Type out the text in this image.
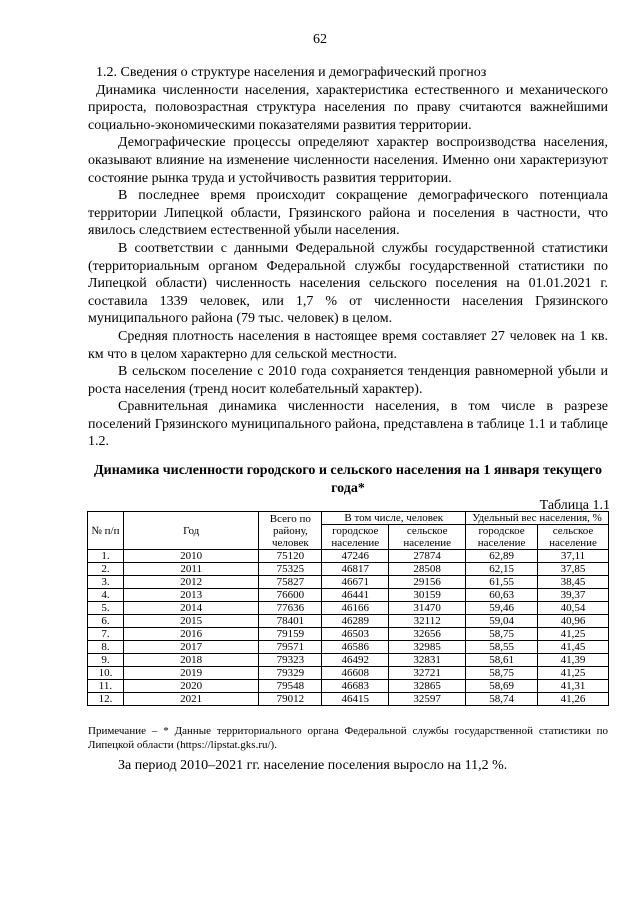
62

1.2. Сведения о структуре населения и демографический прогноз

Динамика численности населения, характеристика естественного и механического прироста, половозрастная структура населения по праву считаются важнейшими социально-экономическими показателями развития территории.

Демографические процессы определяют характер воспроизводства населения, оказывают влияние на изменение численности населения. Именно они характеризуют состояние рынка труда и устойчивость развития территории.

В последнее время происходит сокращение демографического потенциала территории Липецкой области, Грязинского района и поселения в частности, что явилось следствием естественной убыли населения.

В соответствии с данными Федеральной службы государственной статистики (территориальным органом Федеральной службы государственной статистики по Липецкой области) численность населения сельского поселения на 01.01.2021 г. составила 1339 человек, или 1,7 % от численности населения Грязинского муниципального района (79 тыс. человек) в целом.

Средняя плотность населения в настоящее время составляет 27 человек на 1 кв. км что в целом характерно для сельской местности.

В сельском поселение с 2010 года сохраняется тенденция равномерной убыли и роста населения (тренд носит колебательный характер).

Сравнительная динамика численности населения, в том числе в разрезе поселений Грязинского муниципального района, представлена в таблице 1.1 и таблице 1.2.

Динамика численности городского и сельского населения на 1 января текущего года*
Таблица 1.1
№ п/п	Год	Всего по району, человек	В том числе, человек		Удельный вес населения, %	
			городское население	сельское население	городское население	сельское население
1.	2010	75120	47246	27874	62,89	37,11
2.	2011	75325	46817	28508	62,15	37,85
3.	2012	75827	46671	29156	61,55	38,45
4.	2013	76600	46441	30159	60,63	39,37
5.	2014	77636	46166	31470	59,46	40,54
6.	2015	78401	46289	32112	59,04	40,96
7.	2016	79159	46503	32656	58,75	41,25
8.	2017	79571	46586	32985	58,55	41,45
9.	2018	79323	46492	32831	58,61	41,39
10.	2019	79329	46608	32721	58,75	41,25
11.	2020	79548	46683	32865	58,69	41,31
12.	2021	79012	46415	32597	58,74	41,26
Примечание – * Данные территориального органа Федеральной службы государственной статистики по Липецкой области (https://lipstat.gks.ru/).
За период 2010–2021 гг. население поселения выросло на 11,2 %.
